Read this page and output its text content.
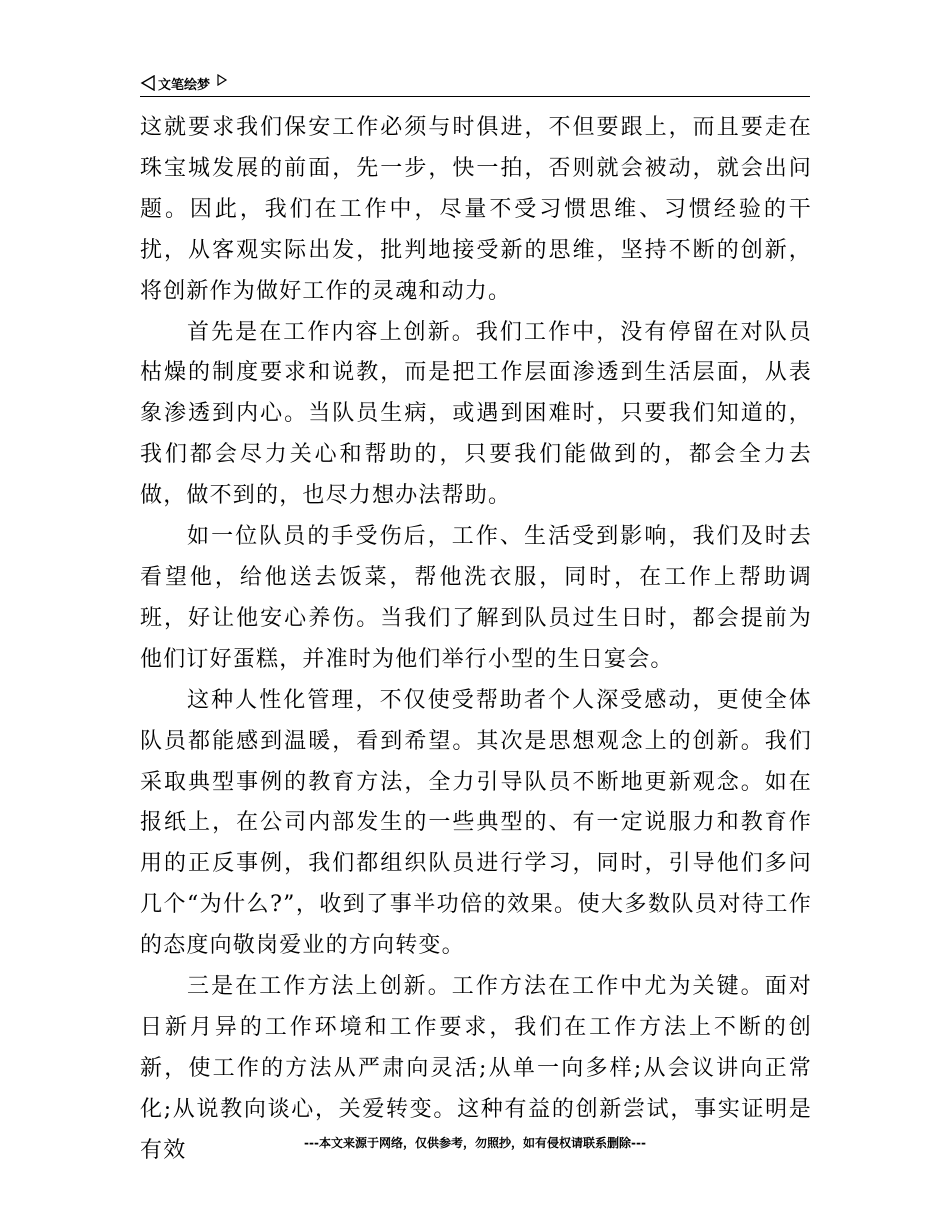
文笔绘梦

这就要求我们保安工作必须与时俱进，不但要跟上，而且要走在珠宝城发展的前面，先一步，快一拍，否则就会被动，就会出问题。因此，我们在工作中，尽量不受习惯思维、习惯经验的干扰，从客观实际出发，批判地接受新的思维，坚持不断的创新，将创新作为做好工作的灵魂和动力。

首先是在工作内容上创新。我们工作中，没有停留在对队员枯燥的制度要求和说教，而是把工作层面渗透到生活层面，从表象渗透到内心。当队员生病，或遇到困难时，只要我们知道的，我们都会尽力关心和帮助的，只要我们能做到的，都会全力去做，做不到的，也尽力想办法帮助。

如一位队员的手受伤后，工作、生活受到影响，我们及时去看望他，给他送去饭菜，帮他洗衣服，同时，在工作上帮助调班，好让他安心养伤。当我们了解到队员过生日时，都会提前为他们订好蛋糕，并准时为他们举行小型的生日宴会。

这种人性化管理，不仅使受帮助者个人深受感动，更使全体队员都能感到温暖，看到希望。其次是思想观念上的创新。我们采取典型事例的教育方法，全力引导队员不断地更新观念。如在报纸上，在公司内部发生的一些典型的、有一定说服力和教育作用的正反事例，我们都组织队员进行学习，同时，引导他们多问几个“为什么?”，收到了事半功倍的效果。使大多数队员对待工作的态度向敬岗爱业的方向转变。

三是在工作方法上创新。工作方法在工作中尤为关键。面对日新月异的工作环境和工作要求，我们在工作方法上不断的创新，使工作的方法从严肃向灵活;从单一向多样;从会议讲向正常化;从说教向谈心，关爱转变。这种有益的创新尝试，事实证明是有效	---本文来源于网络，仅供参考，勿照抄，如有侵权请联系删除---
